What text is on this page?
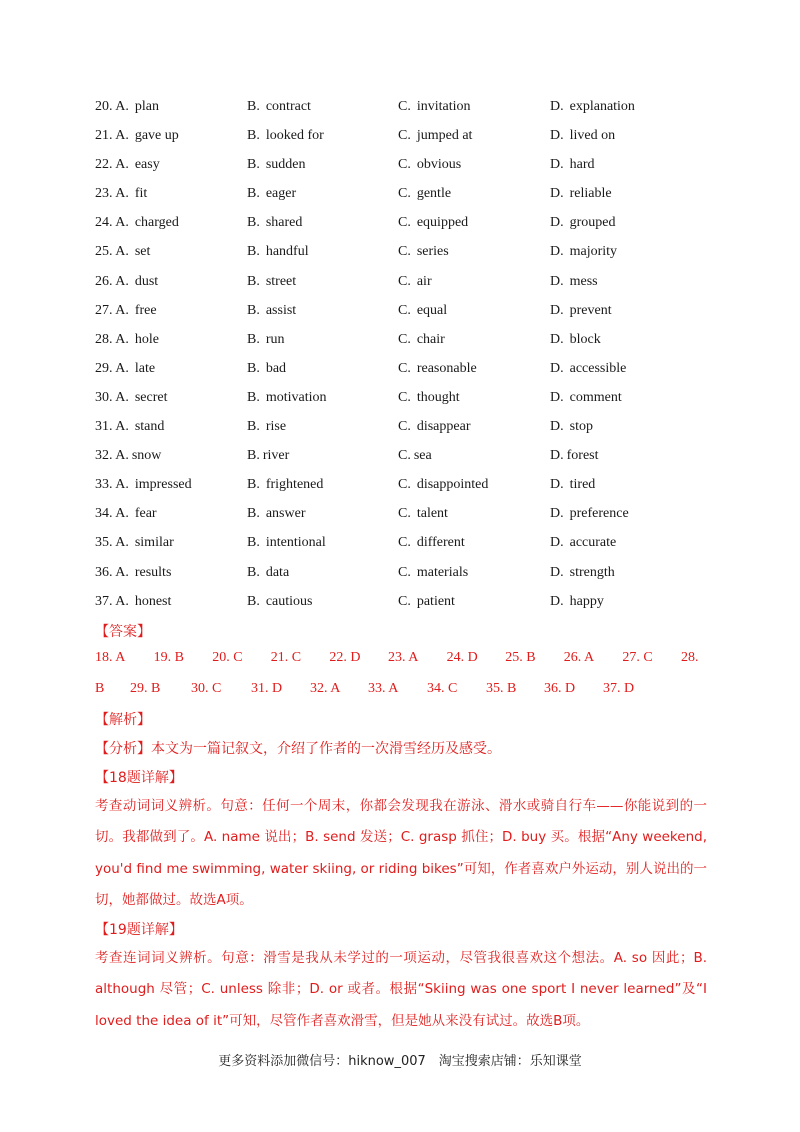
20. A. plan	B. contract	C. invitation	D. explanation
21. A. gave up	B. looked for	C. jumped at	D. lived on
22. A. easy	B. sudden	C. obvious	D. hard
23. A. fit	B. eager	C. gentle	D. reliable
24. A. charged	B. shared	C. equipped	D. grouped
25. A. set	B. handful	C. series	D. majority
26. A. dust	B. street	C. air	D. mess
27. A. free	B. assist	C. equal	D. prevent
28. A. hole	B. run	C. chair	D. block
29. A. late	B. bad	C. reasonable	D. accessible
30. A. secret	B. motivation	C. thought	D. comment
31. A. stand	B. rise	C. disappear	D. stop
32. A. snow	B. river	C. sea	D. forest
33. A. impressed	B. frightened	C. disappointed	D. tired
34. A. fear	B. answer	C. talent	D. preference
35. A. similar	B. intentional	C. different	D. accurate
36. A. results	B. data	C. materials	D. strength
37. A. honest	B. cautious	C. patient	D. happy
【答案】
18. A 19. B 20. C 21. C 22. D 23. A 24. D 25. B 26. A 27. C 28.
B 29. B 30. C 31. D 32. A 33. A 34. C 35. B 36. D 37. D
【解析】
【分析】本文为一篇记叙文，介绍了作者的一次滑雪经历及感受。
【18题详解】
考查动词词义辨析。句意：任何一个周末，你都会发现我在游泳、滑水或骑自行车——你能说到的一切。我都做到了。A. name 说出；B. send 发送；C. grasp 抓住；D. buy 买。根据“Any weekend, you'd find me swimming, water skiing, or riding bikes”可知，作者喜欢户外运动，别人说出的一切，她都做过。故选A项。
【19题详解】
考查连词词义辨析。句意：滑雪是我从未学过的一项运动，尽管我很喜欢这个想法。A. so 因此；B. although 尽管；C. unless 除非；D. or 或者。根据“Skiing was one sport I never learned”及“I loved the idea of it”可知，尽管作者喜欢滑雪，但是她从来没有试过。故选B项。
更多资料添加微信号：hiknow_007　淘宝搜索店铺：乐知课堂
